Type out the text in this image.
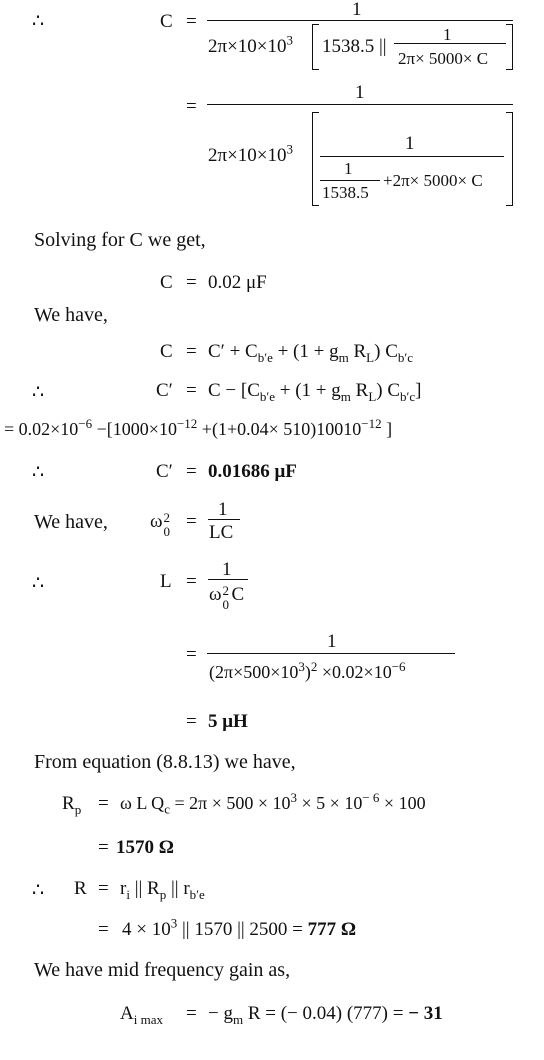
∴	C =
1
$2\pi\times 10\times 10^3$ 1538.5 ||
1
2π× 5000× C
=
1
$2\pi\times 10\times 10^3$	1
1
1538.5
+2π× 5000× C
Solving for C we get,
C = 0.02 μF
We have,
$C = C' + C_{b'e} + (1 + g_m$ $R_L$) $C_{b'c}$
∴	$C' = C - [C_{b'e} + (1 + g_m$ $R_L$) $C_{b'c}$]
= $0.02\times 10^{-6} -[1000\times 10^{-12} +(1+0.04\times 510)10010^{-12}$ ]
∴	C′ = 0.01686 μF
We have, ω 2
0 =
1
LC
∴	L =
1
ω 2
0 C
=
1
$(2\pi\times 500\times 10^3)^2 \times 0.02\times 10^{-6}$
= 5 μH
From equation (8.8.13) we have,
$R_p = \omega$ L $Q_c = 2\pi \times 500 \times 10^3 \times 5 \times 10^{- 6} \times 100$
= 1570 Ω
∴ $R = r_i$ || $R_p$ || $r_{b'e}$
= $4 \times 10^3$ || 1570 || 2500 = 777 Ω
We have mid frequency gain as,
$A_{i max}$ = − $g_m$ R = (− 0.04) (777) = − 31
